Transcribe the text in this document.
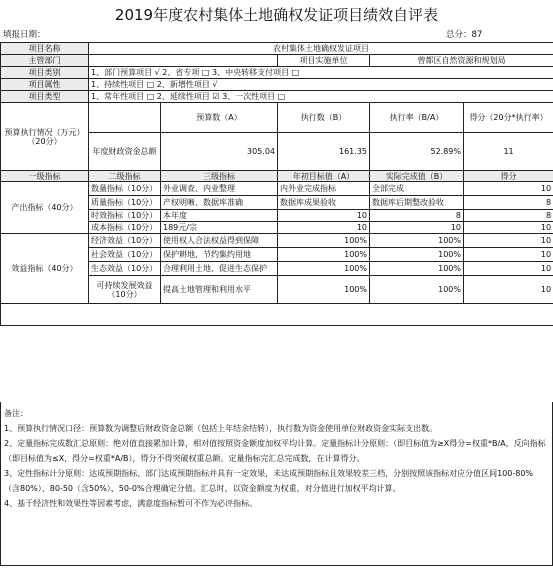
2019年度农村集体土地确权发证项目绩效自评表
填报日期：	总分：87
项目名称	农村集体土地确权发证项目				
主管部门			项目实施单位	曾都区自然资源和规划局	
项目类别	1、部门预算项目 √ 2、省专项 □ 3、中央转移支付项目 □				
项目属性	1、持续性项目 □ 2、新增性项目 √				
项目类型	1、常年性项目 □ 2、延续性项目 ☑ 3、一次性项目 □				
预算执行情况（万元）（20分）		预算数（A）	执行数（B）	执行率（B/A）	得分（20分*执行率）
	年度财政资金总额	305.04	161.35	52.89%	11
一级指标	二级指标	三级指标	年初目标值（A）	实际完成值（B）	得分
产出指标（40分）	数量指标（10分）	外业调查、内业整理	内外业完成指标	全部完成	10
	质量指标（10分）	产权明晰、数据库准确	数据库成果验收	数据库后期整改验收	8
	时效指标（10分）	本年度	10	8	8
	成本指标（10分）	189元/宗	10	10	10
效益指标（40分）	经济效益（10分）	使用权人合法权益得到保障	100%	100%	10
	社会效益（10分）	保护耕地、节约集约用地	100%	100%	10
	生态效益（10分）	合理利用土地、促进生态保护	100%	100%	10
	可持续发展效益（10分）	提高土地管理和利用水平	100%	100%	10

备注：
1、预算执行情况口径：预算数为调整后财政资金总额（包括上年结余结转），执行数为资金使用单位财政资金实际支出数。
2、定量指标完成数汇总原则：绝对值直接累加计算，相对值按照资金额度加权平均计算。定量指标计分原则：（即目标值为≥X得分=权重*B/A，反向指标（即目标值为≤X，得分=权重*A/B），得分不得突破权重总额。定量指标完汇总完成数，在计算得分。
3、定性指标计分原则：达成预期指标、部门达成预期指标并具有一定效果，未达成预期指标且效果较差三档，分别按照该指标对应分值区间100-80%（含80%）、80-50（含50%）、50-0%合理确定分值。汇总时，以资金额度为权重，对分值进行加权平均计算。
4、基于经济性和效果性等因素考虑，满意度指标暂可不作为必评指标。
